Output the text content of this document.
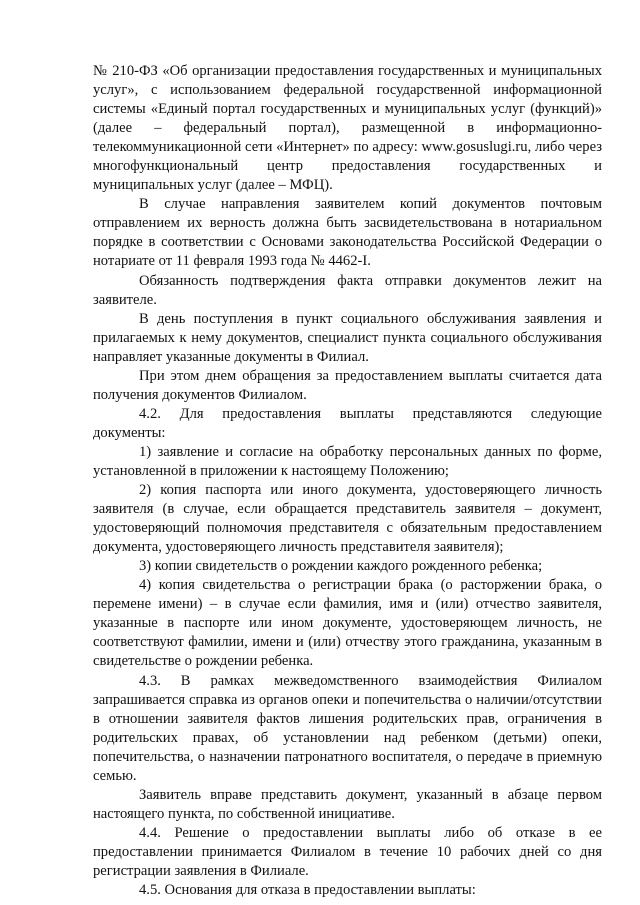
№ 210-ФЗ «Об организации предоставления государственных и муниципальных услуг», с использованием федеральной государственной информационной системы «Единый портал государственных и муниципальных услуг (функций)» (далее – федеральный портал), размещенной в информационно-телекоммуникационной сети «Интернет» по адресу: www.gosuslugi.ru, либо через многофункциональный центр предоставления государственных и муниципальных услуг (далее – МФЦ).

В случае направления заявителем копий документов почтовым отправлением их верность должна быть засвидетельствована в нотариальном порядке в соответствии с Основами законодательства Российской Федерации о нотариате от 11 февраля 1993 года № 4462-I.

Обязанность подтверждения факта отправки документов лежит на заявителе.

В день поступления в пункт социального обслуживания заявления и прилагаемых к нему документов, специалист пункта социального обслуживания направляет указанные документы в Филиал.

При этом днем обращения за предоставлением выплаты считается дата получения документов Филиалом.

4.2. Для предоставления выплаты представляются следующие документы:

1) заявление и согласие на обработку персональных данных по форме, установленной в приложении к настоящему Положению;

2) копия паспорта или иного документа, удостоверяющего личность заявителя (в случае, если обращается представитель заявителя – документ, удостоверяющий полномочия представителя с обязательным предоставлением документа, удостоверяющего личность представителя заявителя);

3) копии свидетельств о рождении каждого рожденного ребенка;

4) копия свидетельства о регистрации брака (о расторжении брака, о перемене имени) – в случае если фамилия, имя и (или) отчество заявителя, указанные в паспорте или ином документе, удостоверяющем личность, не соответствуют фамилии, имени и (или) отчеству этого гражданина, указанным в свидетельстве о рождении ребенка.

4.3. В рамках межведомственного взаимодействия Филиалом запрашивается справка из органов опеки и попечительства о наличии/отсутствии в отношении заявителя фактов лишения родительских прав, ограничения в родительских правах, об установлении над ребенком (детьми) опеки, попечительства, о назначении патронатного воспитателя, о передаче в приемную семью.

Заявитель вправе представить документ, указанный в абзаце первом настоящего пункта, по собственной инициативе.

4.4. Решение о предоставлении выплаты либо об отказе в ее предоставлении принимается Филиалом в течение 10 рабочих дней со дня регистрации заявления в Филиале.

4.5. Основания для отказа в предоставлении выплаты:
